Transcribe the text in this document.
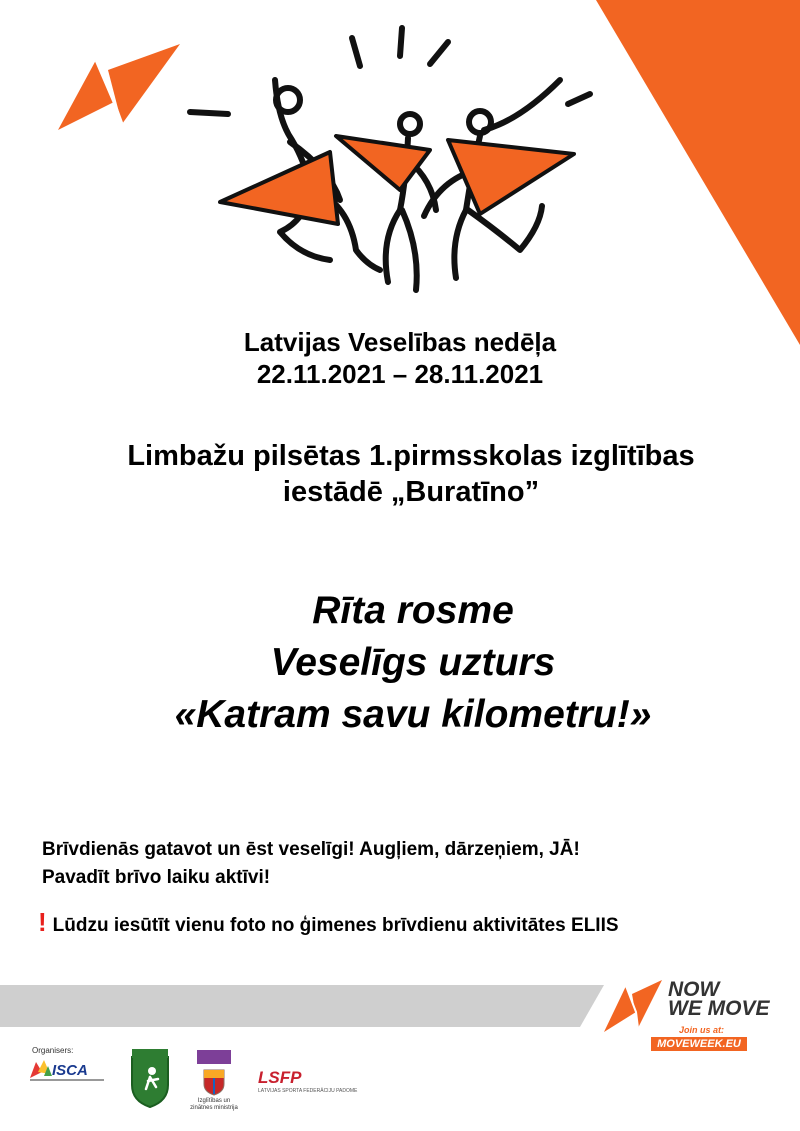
Latvijas Veselības nedēļa
22.11.2021 – 28.11.2021
Limbažu pilsētas 1.pirmsskolas izglītības
iestādē „Buratīno”
Rīta rosme
Veselīgs uzturs
«Katram savu kilometru!»
Brīvdienās gatavot un ēst veselīgi! Augļiem, dārzeņiem, JĀ!
Pavadīt brīvo laiku aktīvi!
! Lūdzu iesūtīt vienu foto no ģimenes brīvdienu aktivitātes ELIIS
NOW
WE MOVE
Join us at:
MOVEWEEK.EU
Organisers:
ISCA
Izglītības un zinātnes ministrija
LSFP
LATVIJAS SPORTA FEDERĀCIJU PADOME
